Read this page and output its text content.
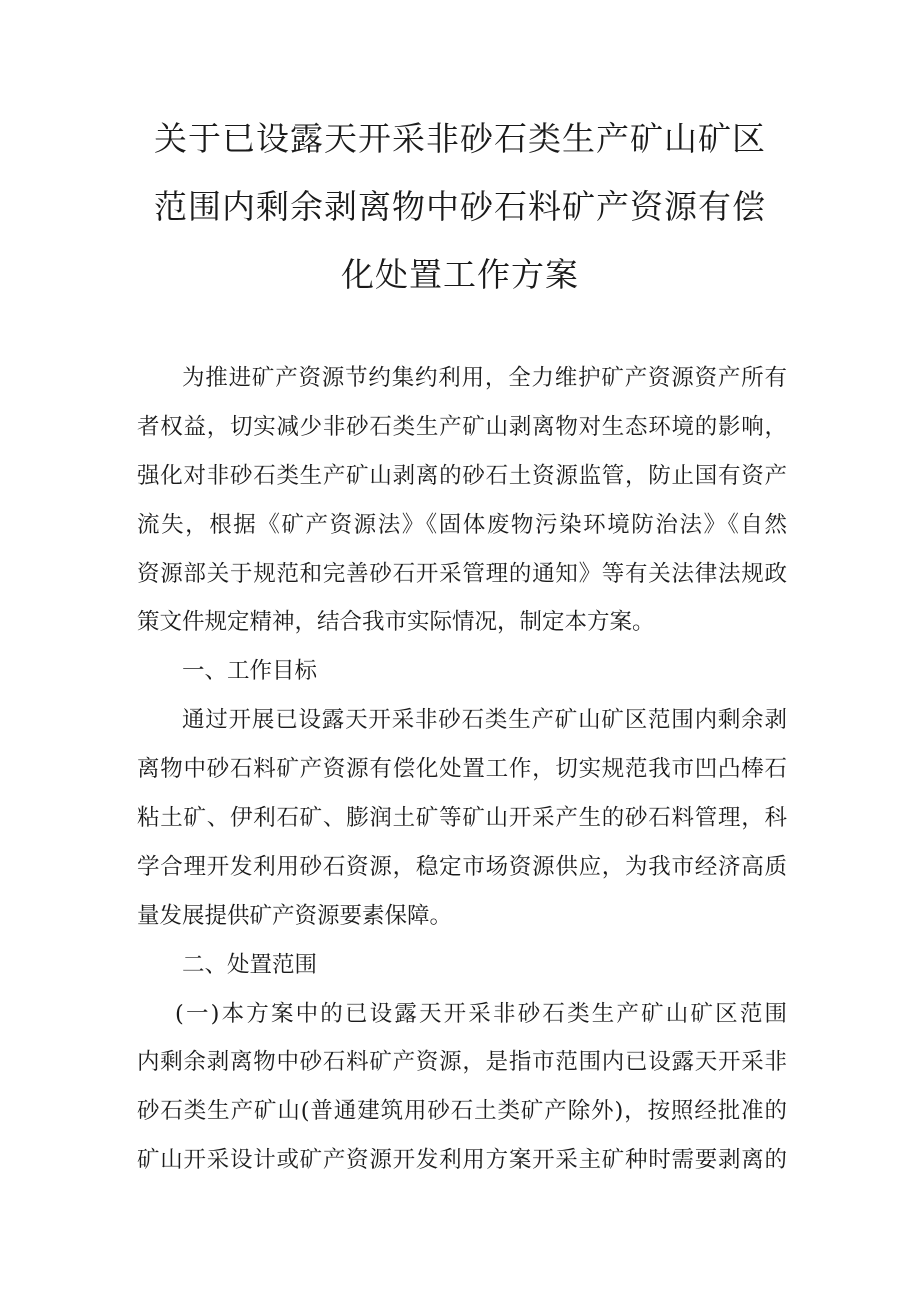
关于已设露天开采非砂石类生产矿山矿区
范围内剩余剥离物中砂石料矿产资源有偿
化处置工作方案
为推进矿产资源节约集约利用，全力维护矿产资源资产所有
者权益，切实减少非砂石类生产矿山剥离物对生态环境的影响，
强化对非砂石类生产矿山剥离的砂石土资源监管，防止国有资产
流失，根据《矿产资源法》《固体废物污染环境防治法》《自然
资源部关于规范和完善砂石开采管理的通知》等有关法律法规政
策文件规定精神，结合我市实际情况，制定本方案。
一、工作目标
通过开展已设露天开采非砂石类生产矿山矿区范围内剩余剥
离物中砂石料矿产资源有偿化处置工作，切实规范我市凹凸棒石
粘土矿、伊利石矿、膨润土矿等矿山开采产生的砂石料管理，科
学合理开发利用砂石资源，稳定市场资源供应，为我市经济高质
量发展提供矿产资源要素保障。
二、处置范围
(一)本方案中的已设露天开采非砂石类生产矿山矿区范围
内剩余剥离物中砂石料矿产资源，是指市范围内已设露天开采非
砂石类生产矿山(普通建筑用砂石土类矿产除外)，按照经批准的
矿山开采设计或矿产资源开发利用方案开采主矿种时需要剥离的
